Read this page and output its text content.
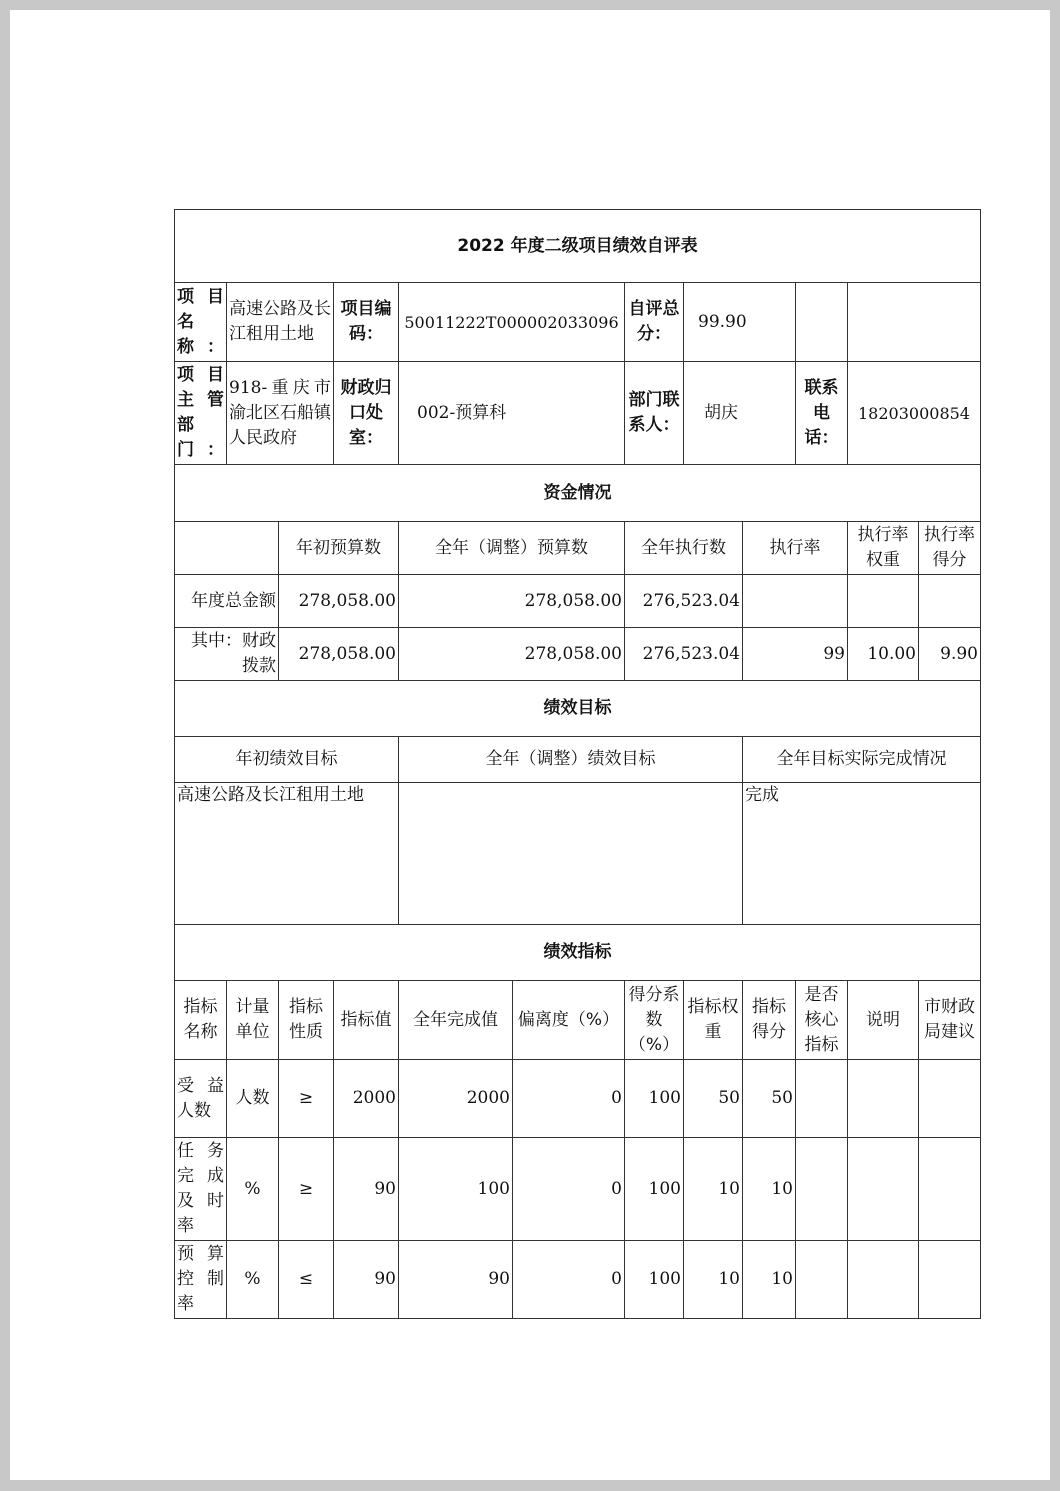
2022 年度二级项目绩效自评表											
项目名称：	高速公路及长江租用土地		项目编码：	50011222T000002033096		自评总分：	99.90				
项目主管部门：	918-重庆市渝北区石船镇人民政府		财政归口处室：	002-预算科		部门联系人：	胡庆		联系电话：	18203000854	
资金情况											
		年初预算数		全年（调整）预算数		全年执行数		执行率		执行率权重	执行率得分
年度总金额		278,058.00		278,058.00		276,523.04					
其中：财政拨款		278,058.00		278,058.00		276,523.04		99		10.00	9.90
绩效目标											
年初绩效目标				全年（调整）绩效目标				全年目标实际完成情况			
高速公路及长江租用土地								完成			
绩效指标											
指标名称	计量单位	指标性质	指标值	全年完成值	偏离度（%）	得分系数（%）	指标权重	指标得分	是否核心指标	说明	市财政局建议
受益人数	人数	≥	2000	2000	0	100	50	50			
任务完成及时率	%	≥	90	100	0	100	10	10			
预算控制率	%	≤	90	90	0	100	10	10			
